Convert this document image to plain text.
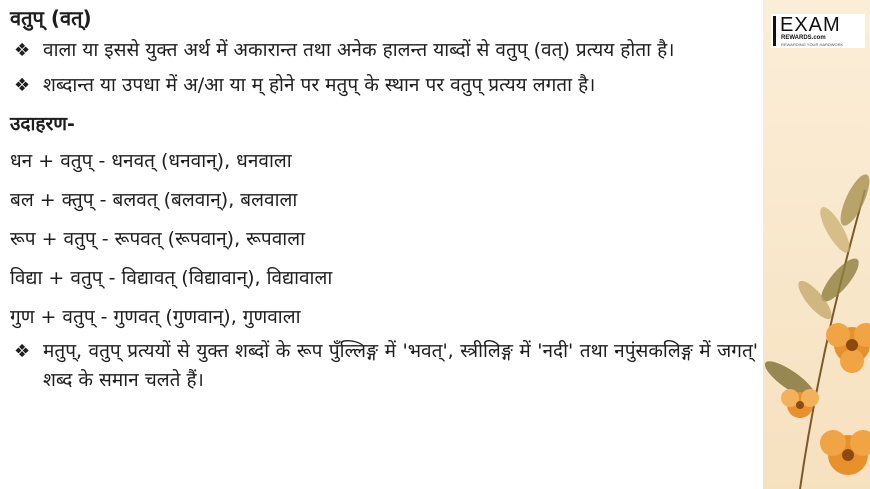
EXAM
REWARDS.com
REWARDING YOUR HARDWORK
वतुप् (वत्)
❖ वाला या इससे युक्त अर्थ में अकारान्त तथा अनेक हालन्त याब्दों से वतुप् (वत्) प्रत्यय होता है।
❖ शब्दान्त या उपधा में अ/आ या म् होने पर मतुप् के स्थान पर वतुप् प्रत्यय लगता है।
उदाहरण-
धन + वतुप् - धनवत् (धनवान्), धनवाला
बल + क्तुप् - बलवत् (बलवान्), बलवाला
रूप + वतुप् - रूपवत् (रूपवान्), रूपवाला
विद्या + वतुप् - विद्यावत् (विद्यावान्), विद्यावाला
गुण + वतुप् - गुणवत् (गुणवान्), गुणवाला
❖ मतुप्, वतुप् प्रत्ययों से युक्त शब्दों के रूप पुँल्लिङ्ग में 'भवत्', स्त्रीलिङ्ग में 'नदी' तथा नपुंसकलिङ्ग में जगत्' शब्द के समान चलते हैं।
